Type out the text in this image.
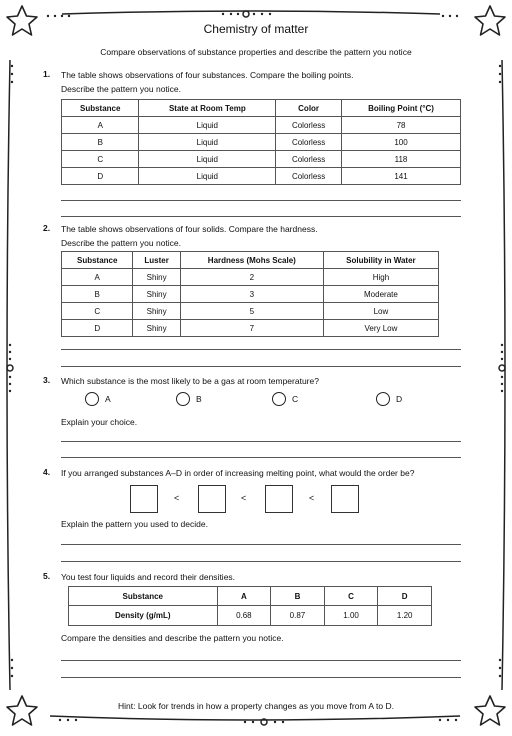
Chemistry of matter
Compare observations of substance properties and describe the pattern you notice
1. The table shows observations of four substances. Compare the boiling points.
Describe the pattern you notice.
Substance	State at Room Temp	Color	Boiling Point (°C)
A	Liquid	Colorless	78
B	Liquid	Colorless	100
C	Liquid	Colorless	118
D	Liquid	Colorless	141
2. The table shows observations of four solids. Compare the hardness.
Describe the pattern you notice.
Substance	Luster	Hardness (Mohs Scale)	Solubility in Water
A	Shiny	2	High
B	Shiny	3	Moderate
C	Shiny	5	Low
D	Shiny	7	Very Low
3. Which substance is the most likely to be a gas at room temperature?
A	B	C	D
Explain your choice.
4. If you arranged substances A–D in order of increasing melting point, what would the order be?
<	<	<
Explain the pattern you used to decide.
5. You test four liquids and record their densities.
Substance	A	B	C	D
Density (g/mL)	0.68	0.87	1.00	1.20
Compare the densities and describe the pattern you notice.
Hint: Look for trends in how a property changes as you move from A to D.
